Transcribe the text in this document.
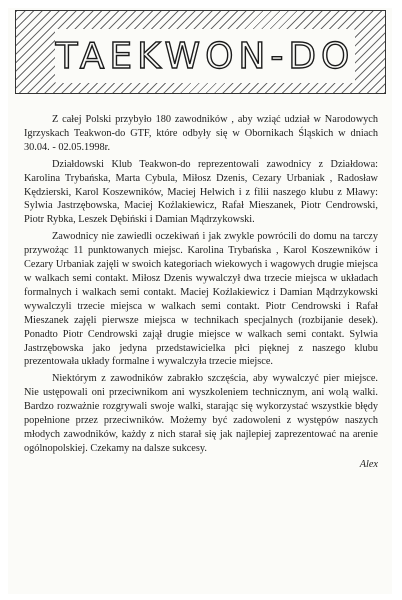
TAEKWON-DO

Z całej Polski przybyło 180 zawodników , aby wziąć udział w Narodowych Igrzyskach Teakwon-do GTF, które odbyły się w Obornikach Śląskich w dniach 30.04. - 02.05.1998r.

Działdowski Klub Teakwon-do reprezentowali zawodnicy z Działdowa: Karolina Trybańska, Marta Cybula, Miłosz Dzenis, Cezary Urbaniak , Radosław Kędzierski, Karol Koszewników, Maciej Helwich i z filii naszego klubu z Mławy: Sylwia Jastrzębowska, Maciej Koźlakiewicz, Rafał Mieszanek, Piotr Cendrowski, Piotr Rybka, Leszek Dębiński i Damian Mądrzykowski.

Zawodnicy nie zawiedli oczekiwań i jak zwykle powrócili do domu na tarczy przywożąc 11 punktowanych miejsc. Karolina Trybańska , Karol Koszewników i Cezary Urbaniak zajęli w swoich kategoriach wiekowych i wagowych drugie miejsca w walkach semi contakt. Miłosz Dzenis wywalczył dwa trzecie miejsca w układach formalnych i walkach semi contakt. Maciej Koźlakiewicz i Damian Mądrzykowski wywalczyli trzecie miejsca w walkach semi contakt. Piotr Cendrowski i Rafał Mieszanek zajęli pierwsze miejsca w technikach specjalnych (rozbijanie desek). Ponadto Piotr Cendrowski zajął drugie miejsce w walkach semi contakt. Sylwia Jastrzębowska jako jedyna przedstawicielka płci pięknej z naszego klubu prezentowała układy formalne i wywalczyła trzecie miejsce.

Niektórym z zawodników zabrakło szczęścia, aby wywalczyć pier miejsce. Nie ustępowali oni przeciwnikom ani wyszkoleniem technicznym, ani wolą walki. Bardzo rozważnie rozgrywali swoje walki, starając się wykorzystać wszystkie błędy popełnione przez przeciwników. Możemy być zadowoleni z występów naszych młodych zawodników, każdy z nich starał się jak najlepiej zaprezentować na arenie ogólnopolskiej. Czekamy na dalsze sukcesy.

Alex
